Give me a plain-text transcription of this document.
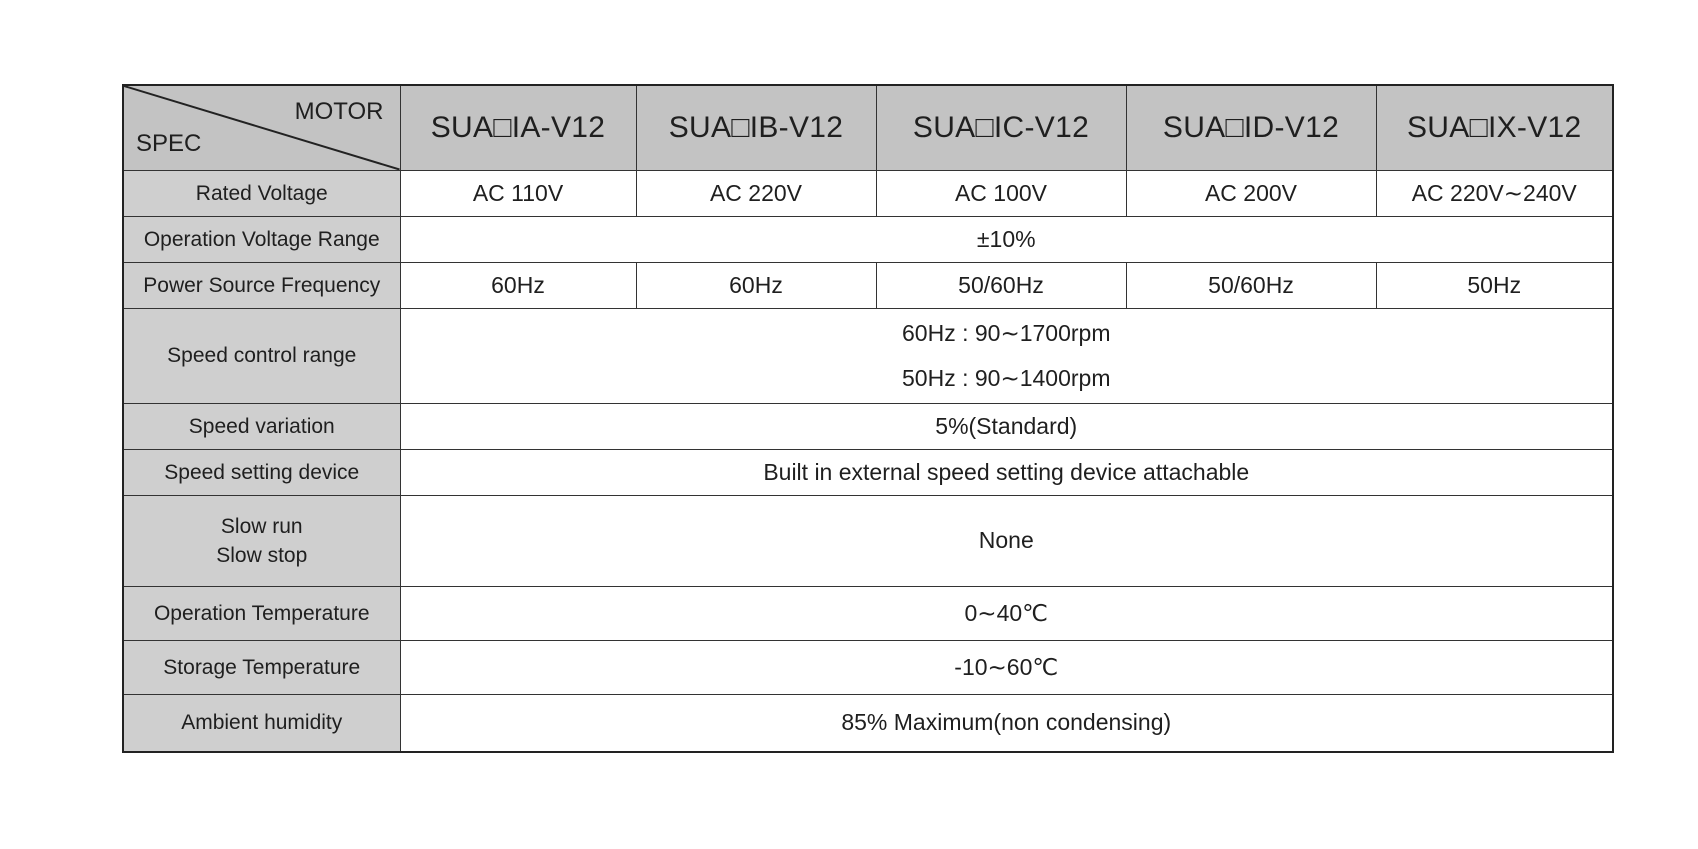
MOTOR
SPEC	SUA□IA-V12	SUA□IB-V12	SUA□IC-V12	SUA□ID-V12	SUA□IX-V12
Rated Voltage	AC 110V	AC 220V	AC 100V	AC 200V	AC 220V∼240V
Operation Voltage Range	±10%				
Power Source Frequency	60Hz	60Hz	50/60Hz	50/60Hz	50Hz
Speed control range	60Hz : 90∼1700rpm
50Hz : 90∼1400rpm				

Speed variation	5%(Standard)				
Speed setting device	Built in external speed setting device attachable				

Slow run
Slow stop	None				
Operation Temperature	0∼40℃				
Storage Temperature	-10∼60℃				
Ambient humidity	85% Maximum(non condensing)				
